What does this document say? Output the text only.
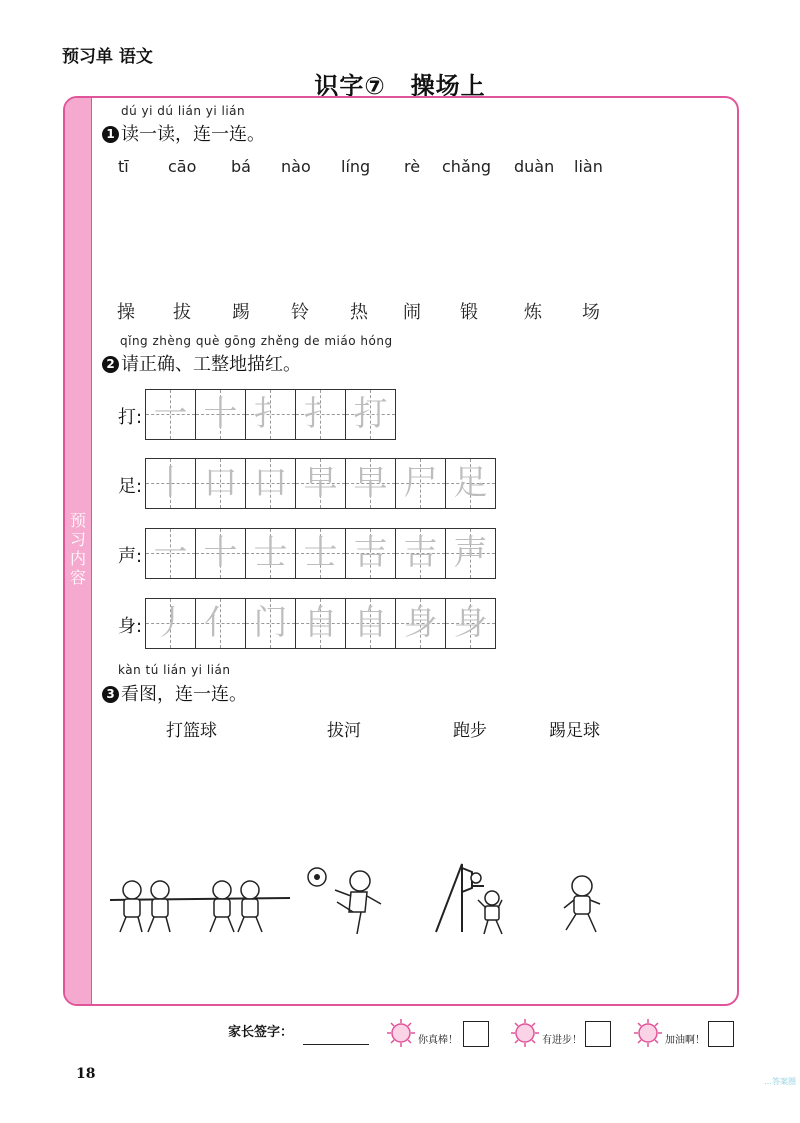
预习单 语文
识字⑦　操场上
预
习
内
容
dú yi dú lián yi lián
1 读一读，连一连。
tī cāo bá nào líng rè chǎng duàn liàn
操 拔 踢 铃 热 闹 锻	炼 场
qǐng zhèng què gōng zhěng de miáo hóng
2 请正确、工整地描红。
打: 一 十 扌 扌 打
足: 丨 口 口 早 早 尸 足
声: 一 十 士 士 吉 吉 声
身: 丿 亻 门 自 自 身 身
kàn tú lián yi lián
3 看图，连一连。
打篮球	拔河	跑步	踢足球
家长签字：
你真棒！	有进步！	加油啊！
18	…答案圈
